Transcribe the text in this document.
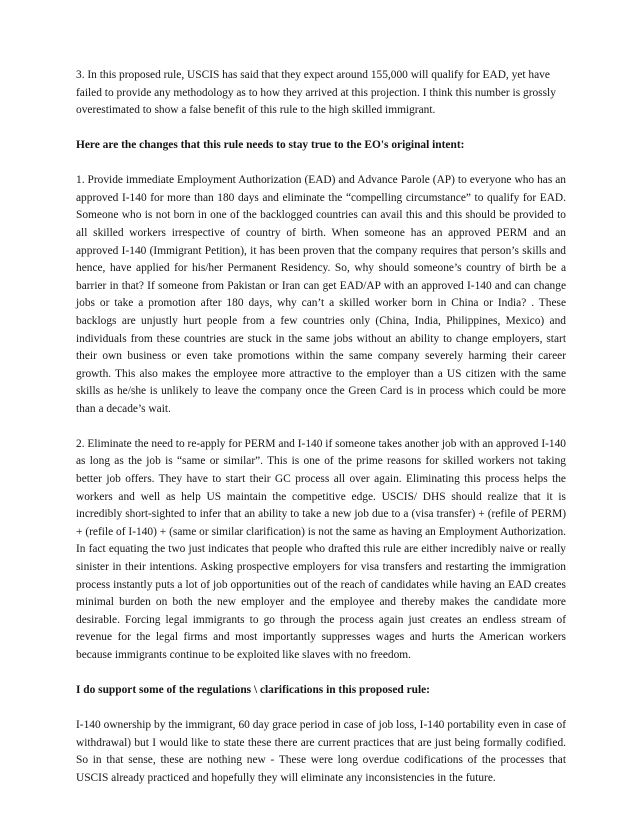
3. In this proposed rule, USCIS has said that they expect around 155,000 will qualify for EAD, yet have
failed to provide any methodology as to how they arrived at this projection. I think this number is grossly
overestimated to show a false benefit of this rule to the high skilled immigrant.

Here are the changes that this rule needs to stay true to the EO's original intent:

1. Provide immediate Employment Authorization (EAD) and Advance Parole (AP) to everyone who has an approved I-140 for more than 180 days and eliminate the “compelling circumstance” to qualify for EAD. Someone who is not born in one of the backlogged countries can avail this and this should be provided to all skilled workers irrespective of country of birth. When someone has an approved PERM and an approved I-140 (Immigrant Petition), it has been proven that the company requires that person’s skills and hence, have applied for his/her Permanent Residency. So, why should someone’s country of birth be a barrier in that? If someone from Pakistan or Iran can get EAD/AP with an approved I-140 and can change jobs or take a promotion after 180 days, why can’t a skilled worker born in China or India? . These backlogs are unjustly hurt people from a few countries only (China, India, Philippines, Mexico) and individuals from these countries are stuck in the same jobs without an ability to change employers, start their own business or even take promotions within the same company severely harming their career growth. This also makes the employee more attractive to the employer than a US citizen with the same skills as he/she is unlikely to leave the company once the Green Card is in process which could be more than a decade’s wait.

2. Eliminate the need to re-apply for PERM and I-140 if someone takes another job with an approved I-140 as long as the job is “same or similar”. This is one of the prime reasons for skilled workers not taking better job offers. They have to start their GC process all over again. Eliminating this process helps the workers and well as help US maintain the competitive edge. USCIS/ DHS should realize that it is incredibly short-sighted to infer that an ability to take a new job due to a (visa transfer) + (refile of PERM) + (refile of I-140) + (same or similar clarification) is not the same as having an Employment Authorization. In fact equating the two just indicates that people who drafted this rule are either incredibly naive or really sinister in their intentions. Asking prospective employers for visa transfers and restarting the immigration process instantly puts a lot of job opportunities out of the reach of candidates while having an EAD creates minimal burden on both the new employer and the employee and thereby makes the candidate more desirable. Forcing legal immigrants to go through the process again just creates an endless stream of revenue for the legal firms and most importantly suppresses wages and hurts the American workers because immigrants continue to be exploited like slaves with no freedom.

I do support some of the regulations \ clarifications in this proposed rule:

I-140 ownership by the immigrant, 60 day grace period in case of job loss, I-140 portability even in case of withdrawal) but I would like to state these there are current practices that are just being formally codified. So in that sense, these are nothing new - These were long overdue codifications of the processes that USCIS already practiced and hopefully they will eliminate any inconsistencies in the future.
